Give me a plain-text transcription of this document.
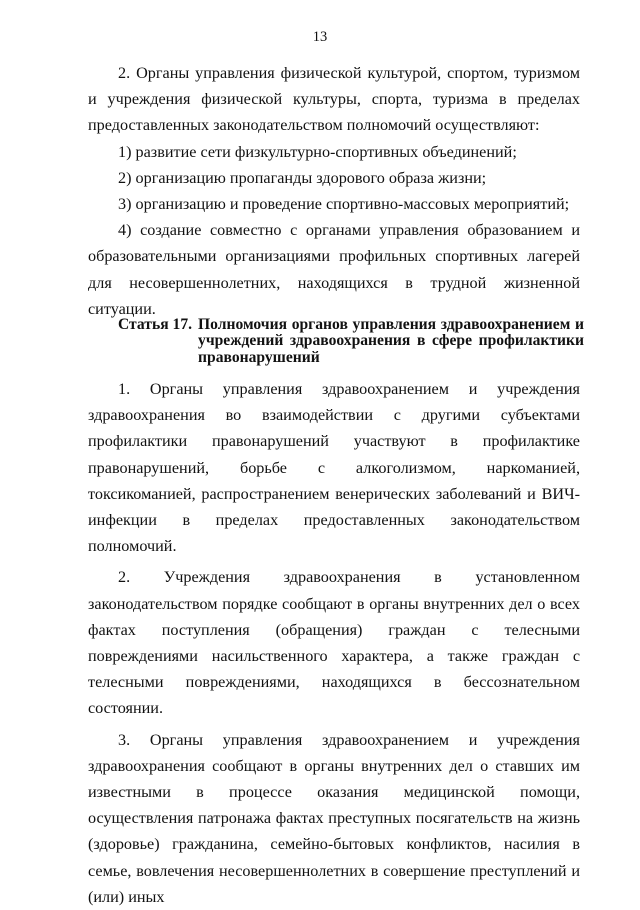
13

2. Органы управления физической культурой, спортом, туризмом и учреждения физической культуры, спорта, туризма в пределах предоставленных законодательством полномочий осуществляют:

1) развитие сети физкультурно-спортивных объединений;

2) организацию пропаганды здорового образа жизни;

3) организацию и проведение спортивно-массовых мероприятий;

4) создание совместно с органами управления образованием и образовательными организациями профильных спортивных лагерей для несовершеннолетних, находящихся в трудной жизненной ситуации.

Статья 17. Полномочия органов управления здравоохранением и учреждений здравоохранения в сфере профилактики правонарушений

1. Органы управления здравоохранением и учреждения здравоохранения во взаимодействии с другими субъектами профилактики правонарушений участвуют в профилактике правонарушений, борьбе с алкоголизмом, наркоманией, токсикоманией, распространением венерических заболеваний и ВИЧ-инфекции в пределах предоставленных законодательством полномочий.

2. Учреждения здравоохранения в установленном законодательством порядке сообщают в органы внутренних дел о всех фактах поступления (обращения) граждан с телесными повреждениями насильственного характера, а также граждан с телесными повреждениями, находящихся в бессознательном состоянии.

3. Органы управления здравоохранением и учреждения здравоохранения сообщают в органы внутренних дел о ставших им известными в процессе оказания медицинской помощи, осуществления патронажа фактах преступных посягательств на жизнь (здоровье) гражданина, семейно-бытовых конфликтов, насилия в семье, вовлечения несовершеннолетних в совершение преступлений и (или) иных
